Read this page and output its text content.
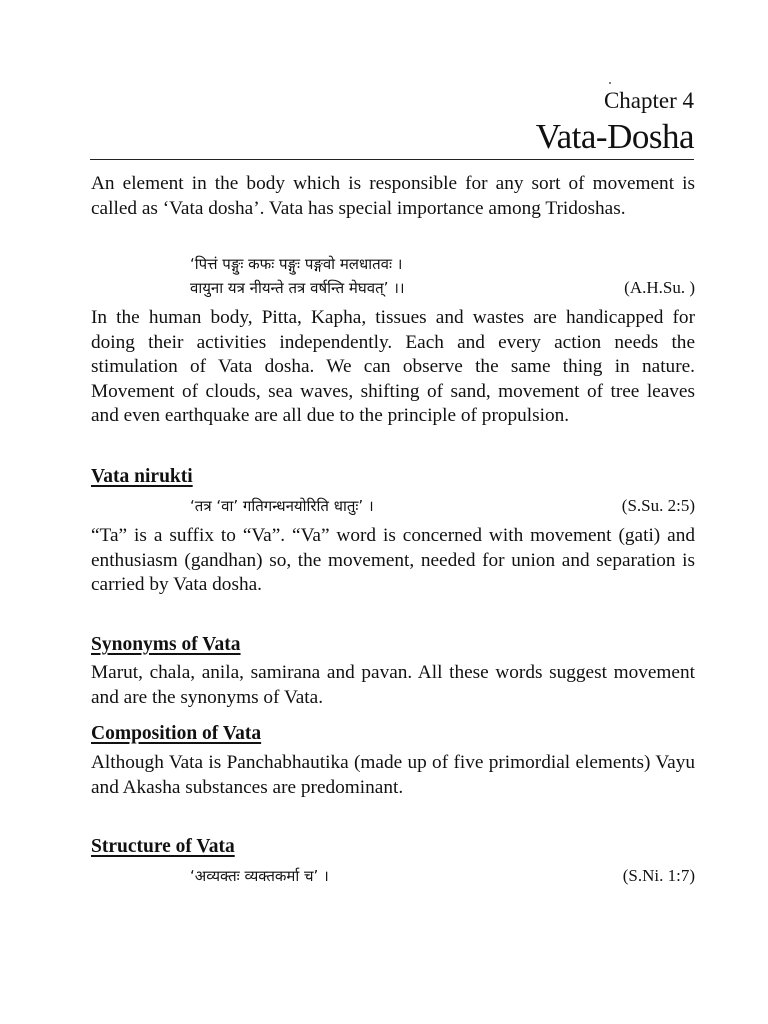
Chapter 4
Vata-Dosha
An element in the body which is responsible for any sort of movement is called as ‘Vata dosha’. Vata has special importance among Tridoshas.
‘पित्तं पङ्गुः कफः पङ्गुः पङ्गवो मलधातवः ।
वायुना यत्र नीयन्ते तत्र वर्षन्ति मेघवत्’ ।।	(A.H.Su. )
In the human body, Pitta, Kapha, tissues and wastes are handicapped for doing their activities independently. Each and every action needs the stimulation of Vata dosha. We can observe the same thing in nature. Movement of clouds, sea waves, shifting of sand, movement of tree leaves and even earthquake are all due to the principle of propulsion.
Vata nirukti
‘तत्र ‘वा’ गतिगन्धनयोरिति धातुः’ ।	(S.Su. 2:5)
“Ta” is a suffix to “Va”. “Va” word is concerned with movement (gati) and enthusiasm (gandhan) so, the movement, needed for union and separation is carried by Vata dosha.
Synonyms of Vata
Marut, chala, anila, samirana and pavan. All these words suggest movement and are the synonyms of Vata.
Composition of Vata
Although Vata is Panchabhautika (made up of five primordial elements) Vayu and Akasha substances are predominant.
Structure of Vata
‘अव्यक्तः व्यक्तकर्मा च’ ।	(S.Ni. 1:7)
